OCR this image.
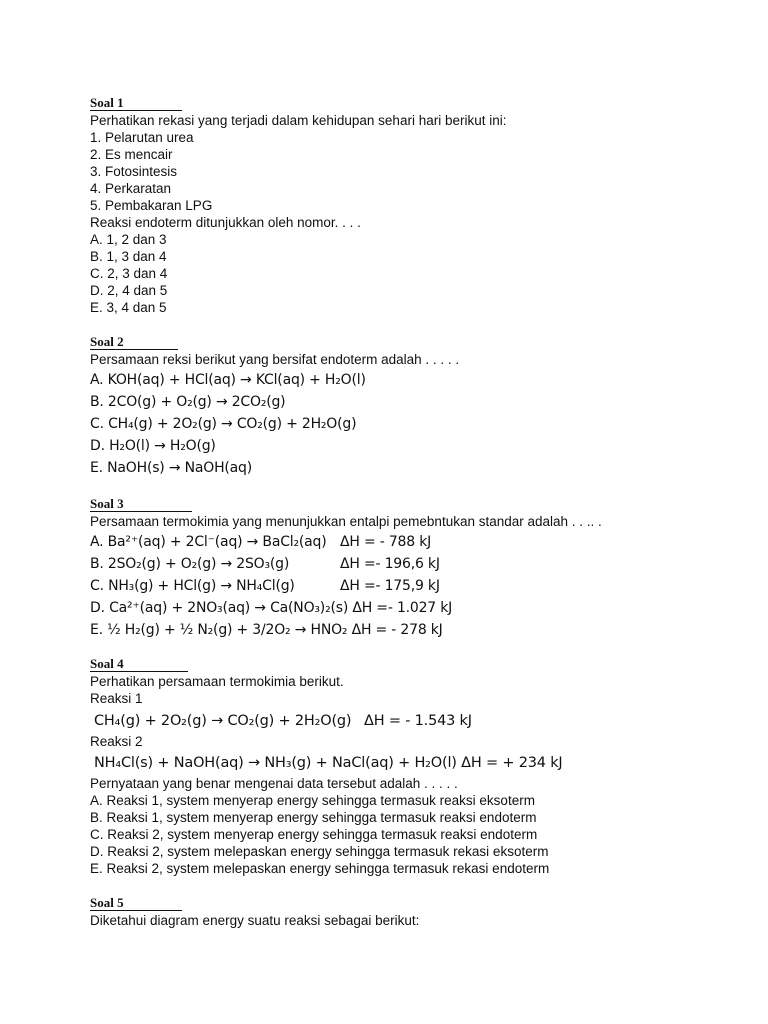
Soal 1
Perhatikan rekasi yang terjadi dalam kehidupan sehari hari berikut ini:
1. Pelarutan urea
2. Es mencair
3. Fotosintesis
4. Perkaratan
5. Pembakaran LPG
Reaksi endoterm ditunjukkan oleh nomor. . . .
A. 1, 2 dan 3
B. 1, 3 dan 4
C. 2, 3 dan 4
D. 2, 4 dan 5
E. 3, 4 dan 5
Soal 2
Persamaan reksi berikut yang bersifat endoterm adalah . . . . .
A. KOH(aq) + HCl(aq) → KCl(aq) + H₂O(l)
B. 2CO(g) + O₂(g) → 2CO₂(g)
C. CH₄(g) + 2O₂(g) → CO₂(g) + 2H₂O(g)
D. H₂O(l) → H₂O(g)
E. NaOH(s) → NaOH(aq)
Soal 3
Persamaan termokimia yang menunjukkan entalpi pemebntukan standar adalah . . .. .
A. Ba²⁺(aq) + 2Cl⁻(aq) → BaCl₂(aq) ΔH = - 788 kJ
B. 2SO₂(g) + O₂(g) → 2SO₃(g)	ΔH =- 196,6 kJ
C. NH₃(g) + HCl(g) → NH₄Cl(g)	ΔH =- 175,9 kJ
D. Ca²⁺(aq) + 2NO₃(aq) → Ca(NO₃)₂(s) ΔH =- 1.027 kJ
E. ½ H₂(g) + ½ N₂(g) + 3/2O₂ → HNO₂ ΔH = - 278 kJ
Soal 4
Perhatikan persamaan termokimia berikut.
Reaksi 1
CH₄(g) + 2O₂(g) → CO₂(g) + 2H₂O(g) ΔH = - 1.543 kJ
Reaksi 2
NH₄Cl(s) + NaOH(aq) → NH₃(g) + NaCl(aq) + H₂O(l) ΔH = + 234 kJ
Pernyataan yang benar mengenai data tersebut adalah . . . . .
A. Reaksi 1, system menyerap energy sehingga termasuk reaksi eksoterm
B. Reaksi 1, system menyerap energy sehingga termasuk reaksi endoterm
C. Reaksi 2, system menyerap energy sehingga termasuk reaksi endoterm
D. Reaksi 2, system melepaskan energy sehingga termasuk rekasi eksoterm
E. Reaksi 2, system melepaskan energy sehingga termasuk rekasi endoterm
Soal 5
Diketahui diagram energy suatu reaksi sebagai berikut:
